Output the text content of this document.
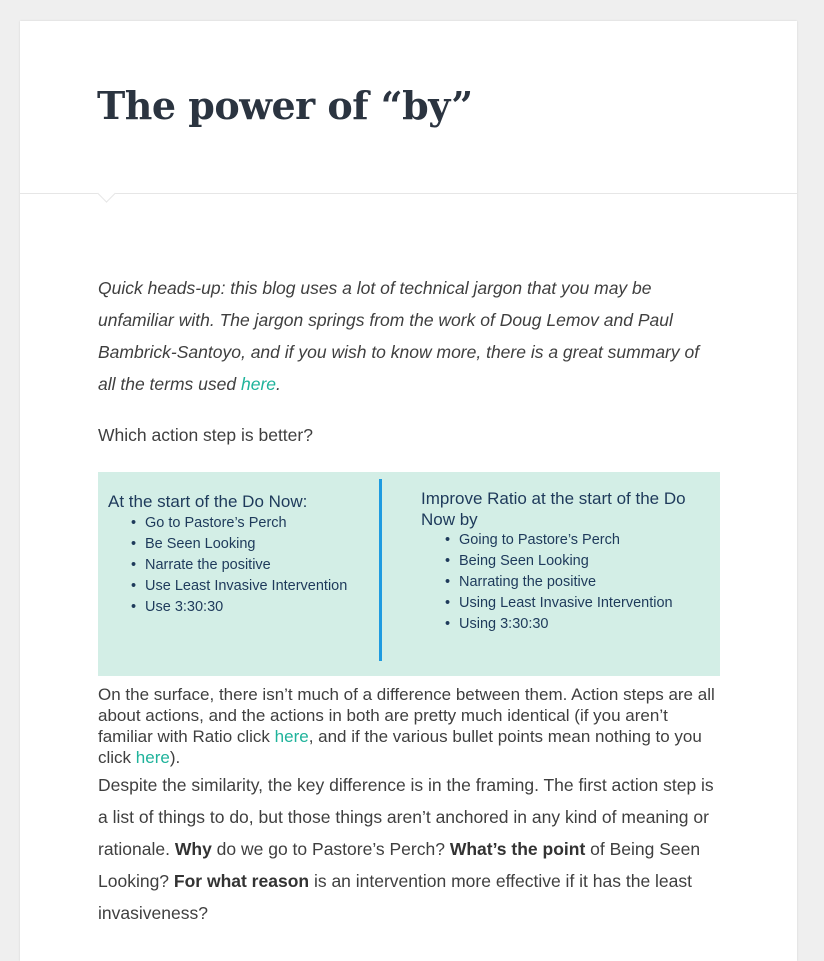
The power of “by”

Quick heads-up: this blog uses a lot of technical jargon that you may be unfamiliar with. The jargon springs from the work of Doug Lemov and Paul Bambrick-Santoyo, and if you wish to know more, there is a great summary of all the terms used here.

Which action step is better?

On the surface, there isn’t much of a difference between them. Action steps are all about actions, and the actions in both are pretty much identical (if you aren’t familiar with Ratio click here, and if the various bullet points mean nothing to you click here).

Despite the similarity, the key difference is in the framing. The first action step is a list of things to do, but those things aren’t anchored in any kind of meaning or rationale. Why do we go to Pastore’s Perch? What’s the point of Being Seen Looking? For what reason is an intervention more effective if it has the least invasiveness?

At the start of the Do Now:
• Go to Pastore’s Perch
• Be Seen Looking
• Narrate the positive
• Use Least Invasive Intervention
• Use 3:30:30
Improve Ratio at the start of the Do
Now by
• Going to Pastore’s Perch
• Being Seen Looking
• Narrating the positive
• Using Least Invasive Intervention
• Using 3:30:30
